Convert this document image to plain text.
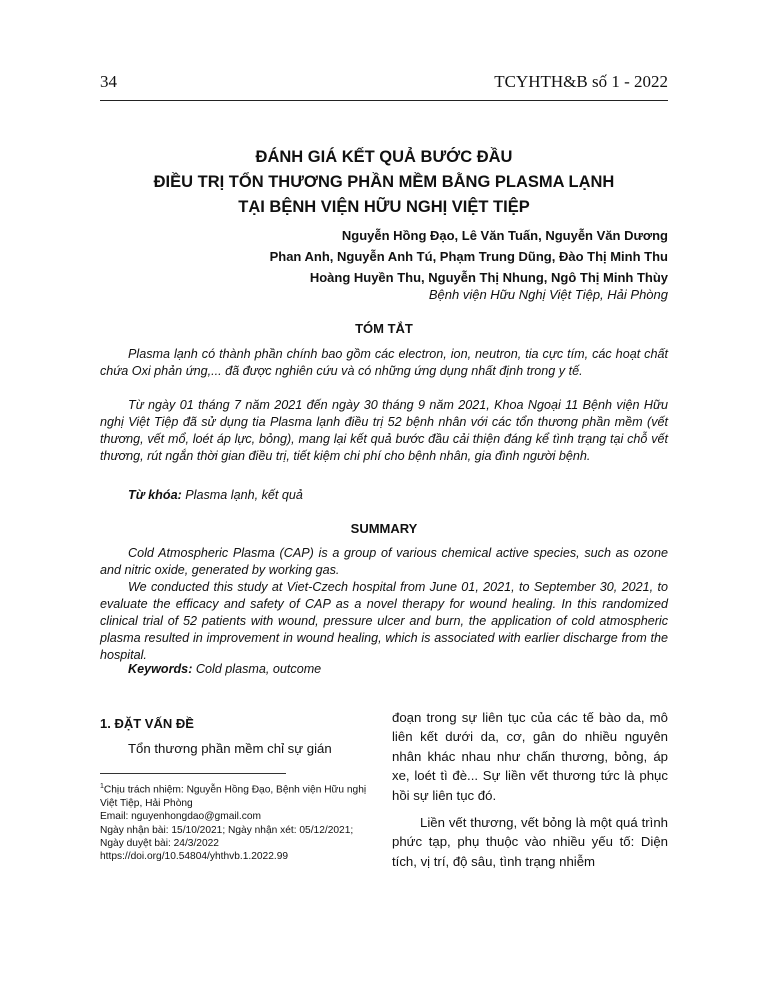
34	TCYHTH&B số 1 - 2022
ĐÁNH GIÁ KẾT QUẢ BƯỚC ĐẦU
ĐIỀU TRỊ TỔN THƯƠNG PHẦN MỀM BẰNG PLASMA LẠNH
TẠI BỆNH VIỆN HỮU NGHỊ VIỆT TIỆP
Nguyễn Hồng Đạo, Lê Văn Tuấn, Nguyễn Văn Dương
Phan Anh, Nguyễn Anh Tú, Phạm Trung Dũng, Đào Thị Minh Thu
Hoàng Huyền Thu, Nguyễn Thị Nhung, Ngô Thị Minh Thùy
Bệnh viện Hữu Nghị Việt Tiệp, Hải Phòng
TÓM TẮT
Plasma lạnh có thành phần chính bao gồm các electron, ion, neutron, tia cực tím, các hoạt chất chứa Oxi phản ứng,... đã được nghiên cứu và có những ứng dụng nhất định trong y tế.
Từ ngày 01 tháng 7 năm 2021 đến ngày 30 tháng 9 năm 2021, Khoa Ngoại 11 Bệnh viện Hữu nghị Việt Tiệp đã sử dụng tia Plasma lạnh điều trị 52 bệnh nhân với các tổn thương phần mềm (vết thương, vết mổ, loét áp lực, bỏng), mang lại kết quả bước đầu cải thiện đáng kể tình trạng tại chỗ vết thương, rút ngắn thời gian điều trị, tiết kiệm chi phí cho bệnh nhân, gia đình người bệnh.
Từ khóa: Plasma lạnh, kết quả
SUMMARY
Cold Atmospheric Plasma (CAP) is a group of various chemical active species, such as ozone and nitric oxide, generated by working gas.
We conducted this study at Viet-Czech hospital from June 01, 2021, to September 30, 2021, to evaluate the efficacy and safety of CAP as a novel therapy for wound healing. In this randomized clinical trial of 52 patients with wound, pressure ulcer and burn, the application of cold atmospheric plasma resulted in improvement in wound healing, which is associated with earlier discharge from the hospital.
Keywords: Cold plasma, outcome
1. ĐẶT VẤN ĐỀ
Tổn thương phần mềm chỉ sự gián
$^1$Chịu trách nhiệm: Nguyễn Hồng Đạo, Bệnh viện Hữu nghị Việt Tiệp, Hải Phòng
Email: nguyenhongdao@gmail.com
Ngày nhận bài: 15/10/2021; Ngày nhận xét: 05/12/2021; Ngày duyệt bài: 24/3/2022
https://doi.org/10.54804/yhthvb.1.2022.99
đoạn trong sự liên tục của các tế bào da, mô liên kết dưới da, cơ, gân do nhiều nguyên nhân khác nhau như chấn thương, bỏng, áp xe, loét tì đè... Sự liền vết thương tức là phục hồi sự liên tục đó.
Liền vết thương, vết bỏng là một quá trình phức tạp, phụ thuộc vào nhiều yếu tố: Diện tích, vị trí, độ sâu, tình trạng nhiễm
